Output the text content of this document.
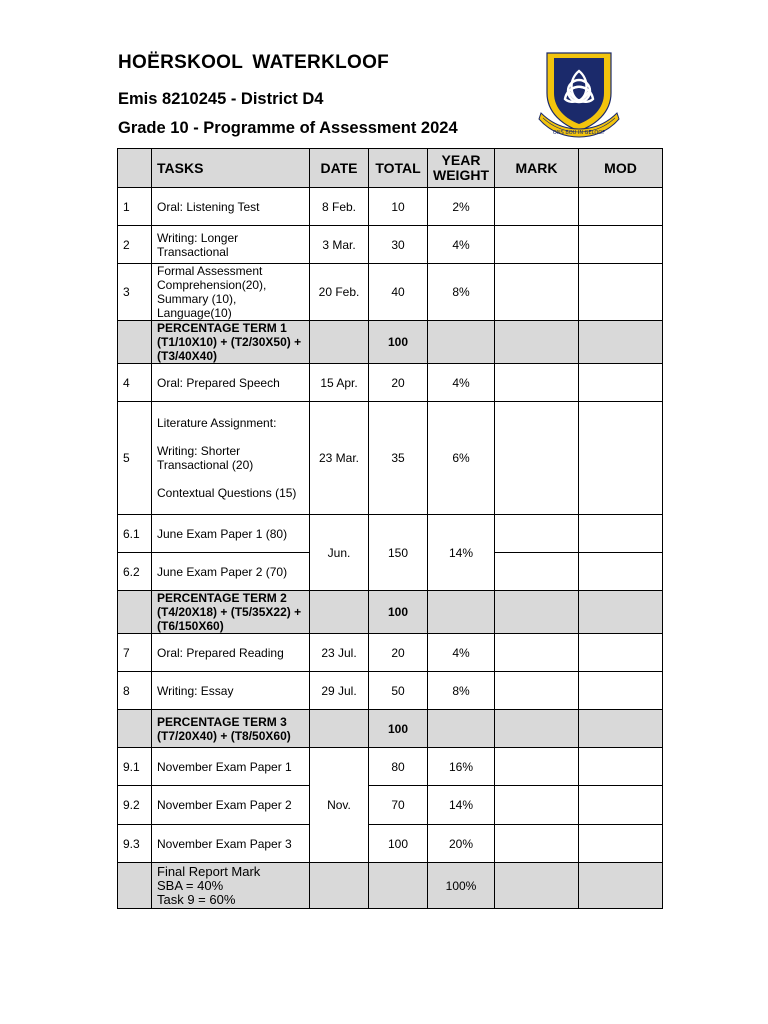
HOËRSKOOL WATERKLOOF
Emis 8210245 - District D4
Grade 10 - Programme of Assessment 2024	ONS BOU IN GELOOF
	TASKS	DATE	TOTAL	YEAR
WEIGHT	MARK	MOD
1	Oral: Listening Test	8 Feb.	10	2%		
2	Writing: Longer Transactional	3 Mar.	30	4%		
3	Formal Assessment Comprehension(20), Summary (10), Language(10)	20 Feb.	40	8%		
	PERCENTAGE TERM 1 (T1/10X10) + (T2/30X50) + (T3/40X40)		100			
4	Oral: Prepared Speech	15 Apr.	20	4%		
5	Literature Assignment:

Writing: Shorter Transactional (20)

Contextual Questions (15)	23 Mar.	35	6%		
6.1	June Exam Paper 1 (80)	Jun.	150	14%		
6.2	June Exam Paper 2 (70)					
	PERCENTAGE TERM 2 (T4/20X18) + (T5/35X22) + (T6/150X60)		100			
7	Oral: Prepared Reading	23 Jul.	20	4%		
8	Writing: Essay	29 Jul.	50	8%		
	PERCENTAGE TERM 3 (T7/20X40) + (T8/50X60)		100			
9.1	November Exam Paper 1	Nov.	80	16%		
9.2	November Exam Paper 2		70	14%		
9.3	November Exam Paper 3		100	20%		

	Final Report Mark
SBA = 40%
Task 9 = 60%			100%		
